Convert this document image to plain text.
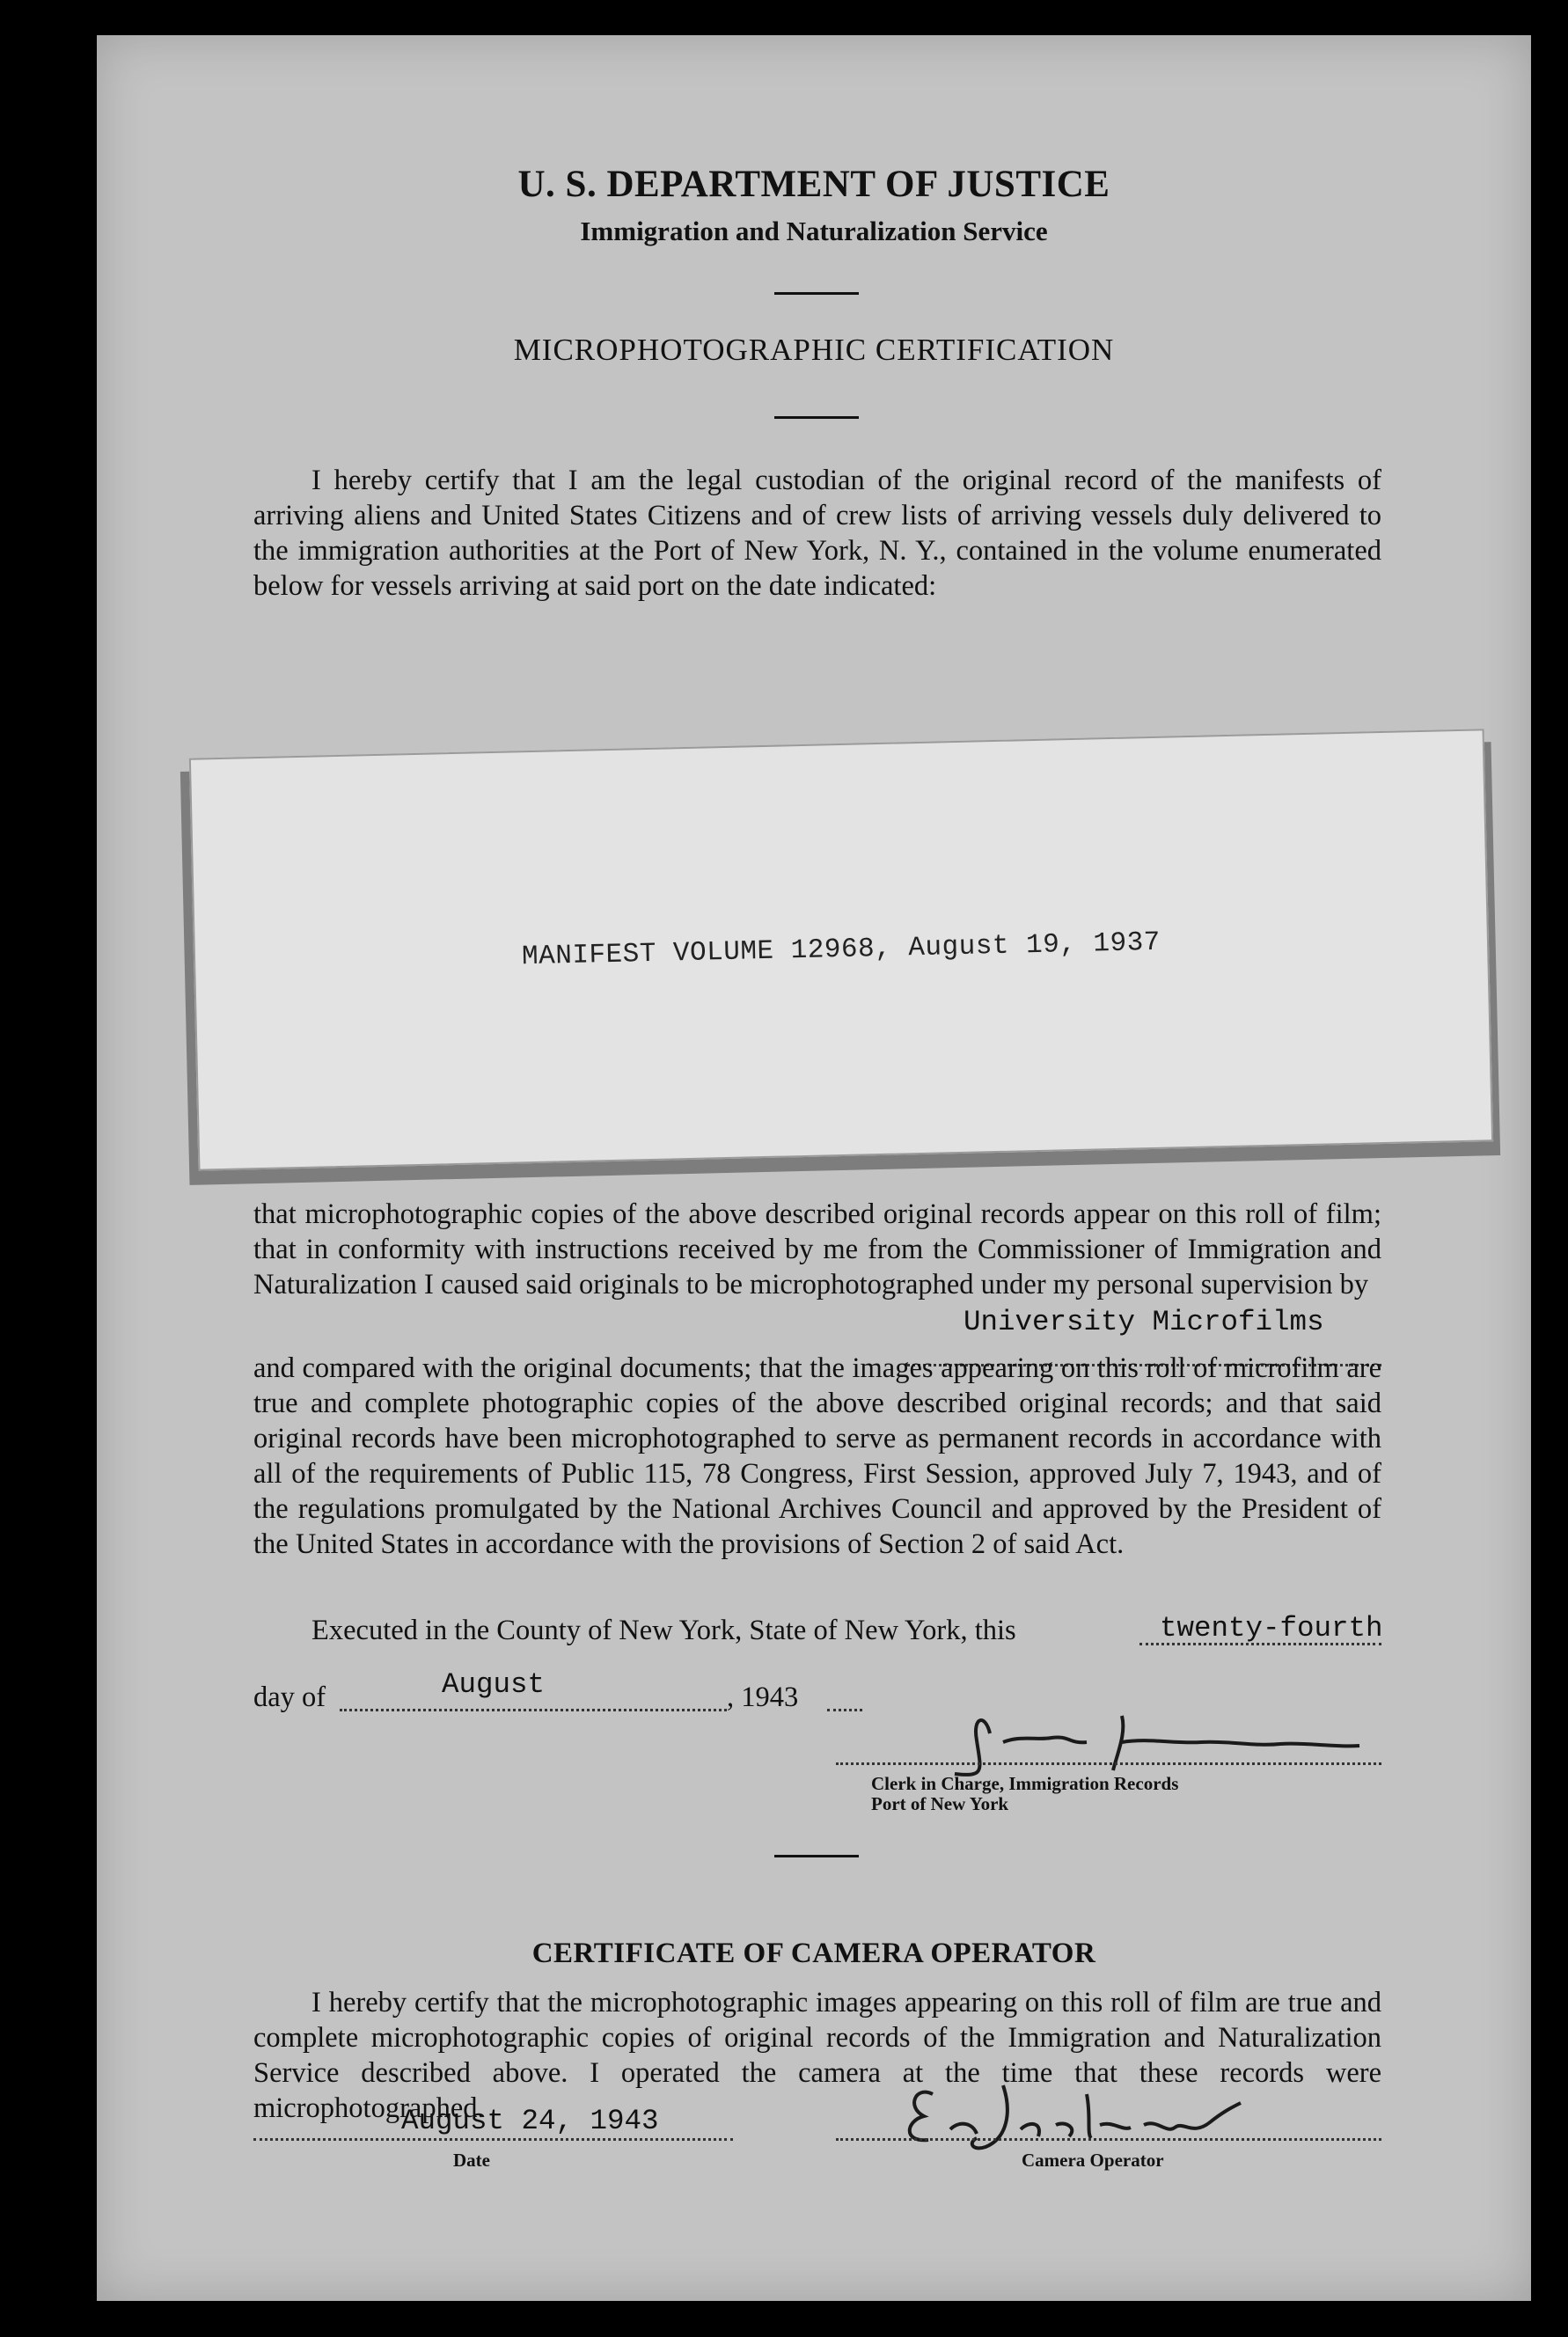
U. S. DEPARTMENT OF JUSTICE
Immigration and Naturalization Service
MICROPHOTOGRAPHIC CERTIFICATION
I hereby certify that I am the legal custodian of the original record of the manifests of arriving aliens and United States Citizens and of crew lists of arriving vessels duly delivered to the immigration authorities at the Port of New York, N. Y., contained in the volume enumerated below for vessels arriving at said port on the date indicated:
MANIFEST VOLUME 12968, August 19, 1937
that microphotographic copies of the above described original records appear on this roll of film; that in conformity with instructions received by me from the Commissioner of Immigration and Naturalization I caused said originals to be microphotographed under my personal supervision by
University Microfilms
and compared with the original documents; that the images appearing on this roll of microfilm are true and complete photographic copies of the above described original records; and that said original records have been microphotographed to serve as permanent records in accordance with all of the requirements of Public 115, 78 Congress, First Session, approved July 7, 1943, and of the regulations promulgated by the National Archives Council and approved by the President of the United States in accordance with the provisions of Section 2 of said Act.
Executed in the County of New York, State of New York, this	twenty-fourth
day of	August	, 1943
Clerk in Charge, Immigration Records
Port of New York
CERTIFICATE OF CAMERA OPERATOR
I hereby certify that the microphotographic images appearing on this roll of film are true and complete microphotographic copies of original records of the Immigration and Naturalization Service described above. I operated the camera at the time that these records were microphotographed.
August 24, 1943
Date	Camera Operator
